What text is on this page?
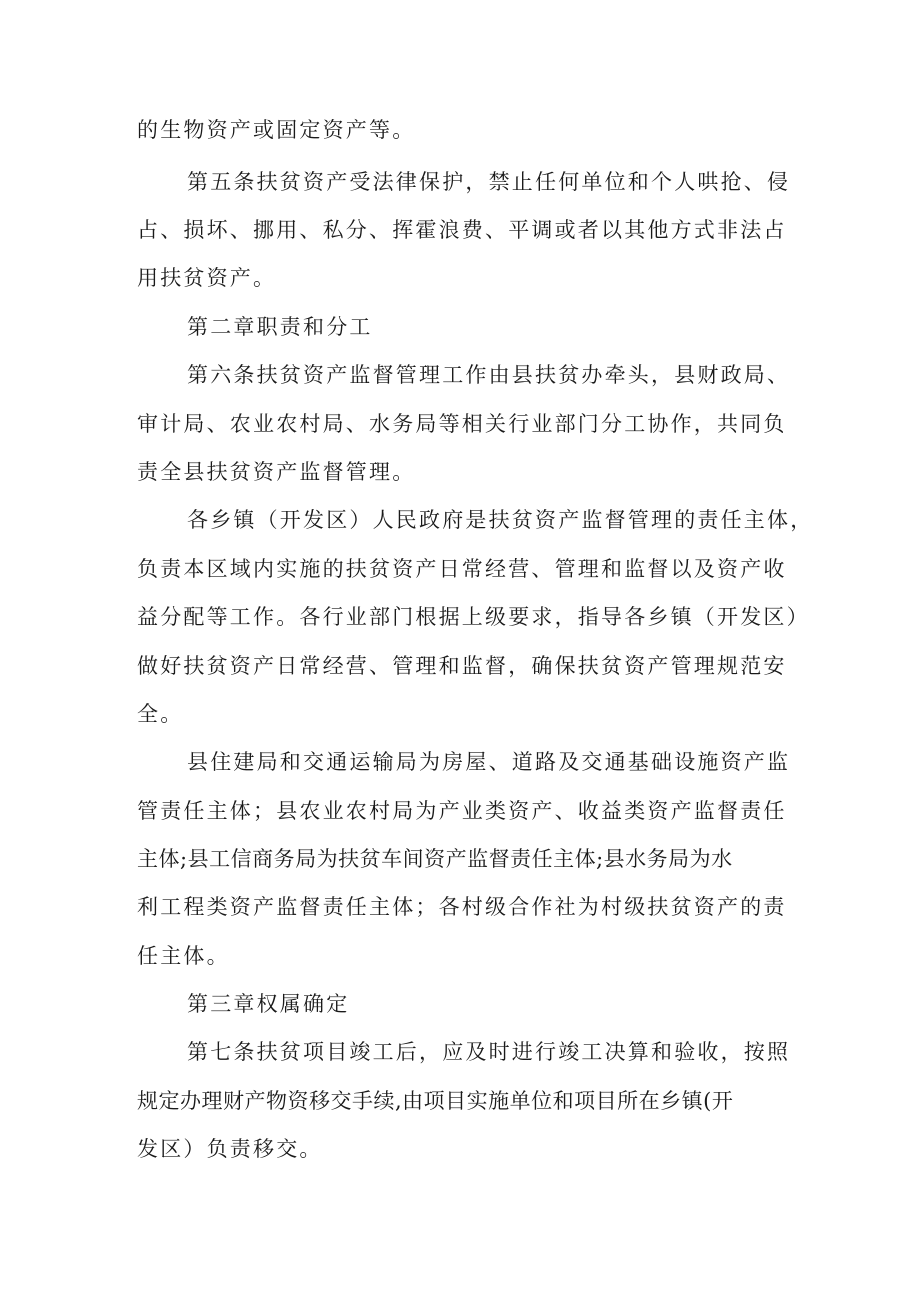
的生物资产或固定资产等。
第五条扶贫资产受法律保护，禁止任何单位和个人哄抢、侵
占、损坏、挪用、私分、挥霍浪费、平调或者以其他方式非法占
用扶贫资产。
第二章职责和分工
第六条扶贫资产监督管理工作由县扶贫办牵头，县财政局、
审计局、农业农村局、水务局等相关行业部门分工协作，共同负
责全县扶贫资产监督管理。
各乡镇（开发区）人民政府是扶贫资产监督管理的责任主体，
负责本区域内实施的扶贫资产日常经营、管理和监督以及资产收
益分配等工作。各行业部门根据上级要求，指导各乡镇（开发区）
做好扶贫资产日常经营、管理和监督，确保扶贫资产管理规范安
全。
县住建局和交通运输局为房屋、道路及交通基础设施资产监
管责任主体；县农业农村局为产业类资产、收益类资产监督责任
主体;县工信商务局为扶贫车间资产监督责任主体;县水务局为水
利工程类资产监督责任主体；各村级合作社为村级扶贫资产的责
任主体。
第三章权属确定
第七条扶贫项目竣工后，应及时进行竣工决算和验收，按照
规定办理财产物资移交手续,由项目实施单位和项目所在乡镇(开
发区）负责移交。
